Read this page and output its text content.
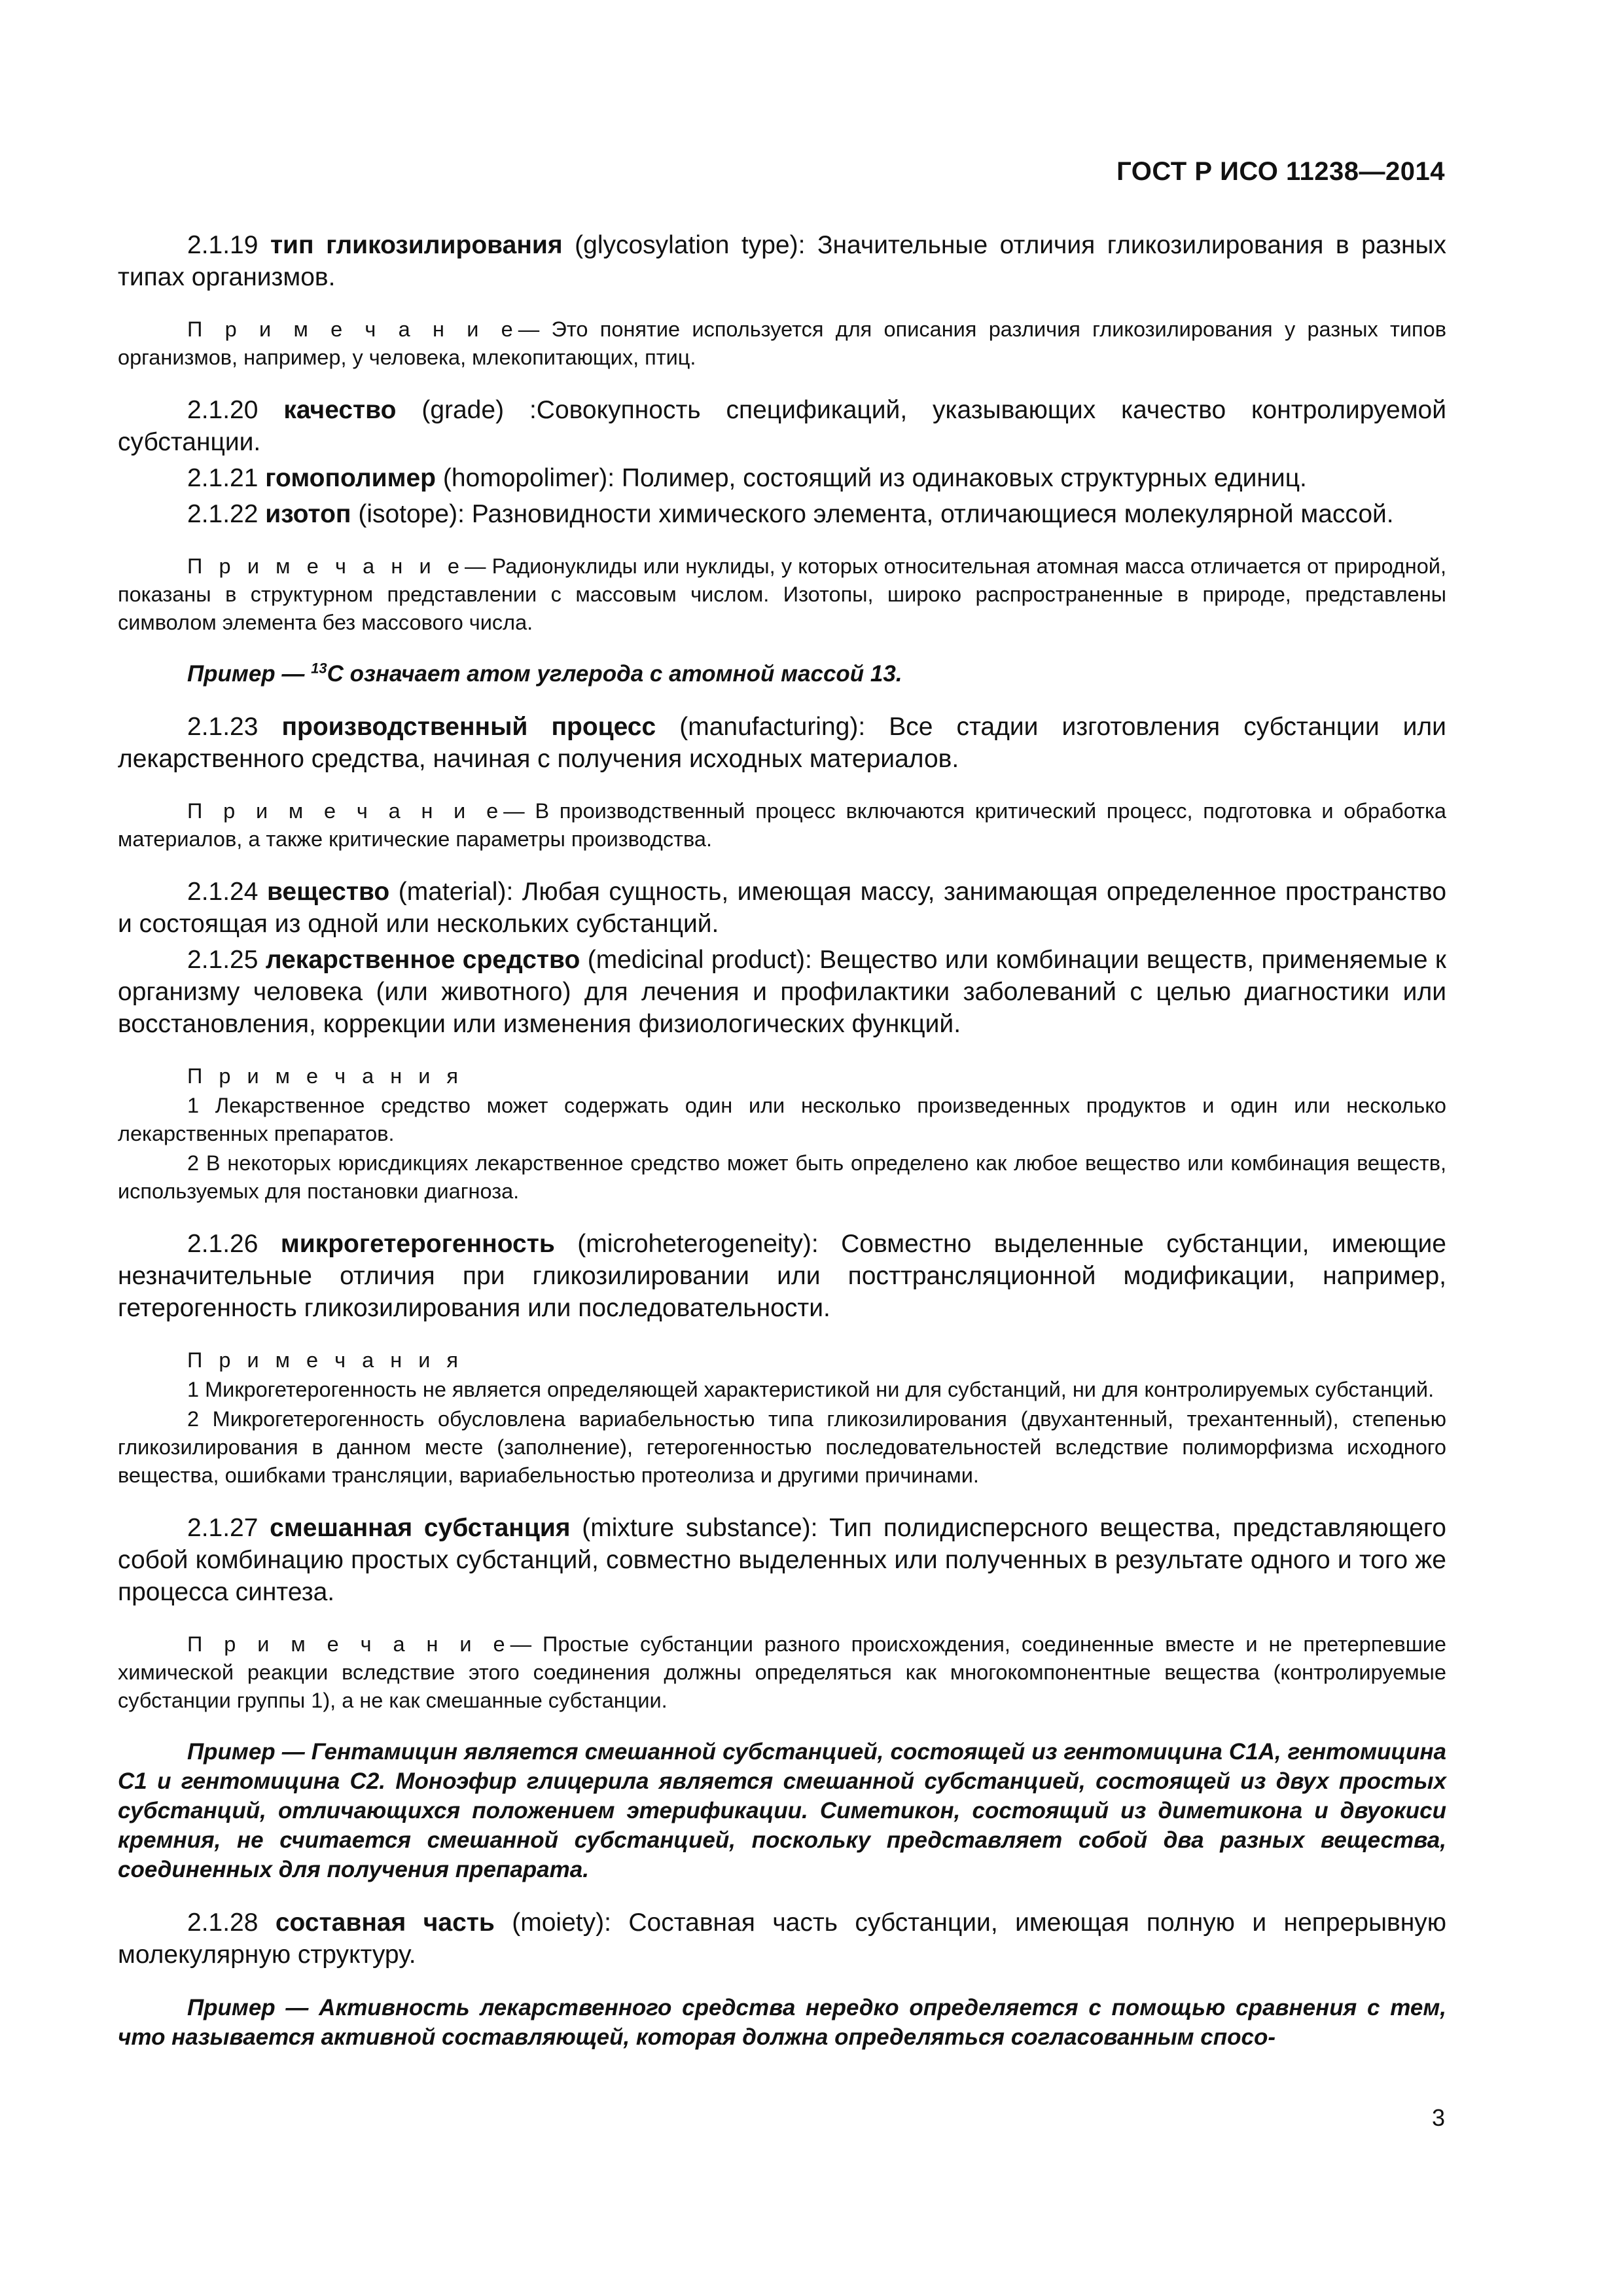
ГОСТ Р ИСО 11238—2014

2.1.19 тип гликозилирования (glycosylation type): Значительные отличия гликозилирования в разных типах организмов.

П р и м е ч а н и е— Это понятие используется для описания различия гликозилирования у разных типов организмов, например, у человека, млекопитающих, птиц.

2.1.20 качество (grade) :Совокупность спецификаций, указывающих качество контролируемой субстанции.

2.1.21 гомополимер (homopolimer): Полимер, состоящий из одинаковых структурных единиц.

2.1.22 изотоп (isotope): Разновидности химического элемента, отличающиеся молекулярной массой.

П р и м е ч а н и е— Радионуклиды или нуклиды, у которых относительная атомная масса отличается от природной, показаны в структурном представлении с массовым числом. Изотопы, широко распространенные в природе, представлены символом элемента без массового числа.

Пример — $^{13}$С означает атом углерода с атомной массой 13.

2.1.23 производственный процесс (manufacturing): Все стадии изготовления субстанции или лекарственного средства, начиная с получения исходных материалов.

П р и м е ч а н и е— В производственный процесс включаются критический процесс, подготовка и обработка материалов, а также критические параметры производства.

2.1.24 вещество (material): Любая сущность, имеющая массу, занимающая определенное пространство и состоящая из одной или нескольких субстанций.

2.1.25 лекарственное средство (medicinal product): Вещество или комбинации веществ, применяемые к организму человека (или животного) для лечения и профилактики заболеваний с целью диагностики или восстановления, коррекции или изменения физиологических функций.

П р и м е ч а н и я

1 Лекарственное средство может содержать один или несколько произведенных продуктов и один или несколько лекарственных препаратов.

2 В некоторых юрисдикциях лекарственное средство может быть определено как любое вещество или комбинация веществ, используемых для постановки диагноза.

2.1.26 микрогетерогенность (microheterogeneity): Совместно выделенные субстанции, имеющие незначительные отличия при гликозилировании или посттрансляционной модификации, например, гетерогенность гликозилирования или последовательности.

П р и м е ч а н и я

1 Микрогетерогенность не является определяющей характеристикой ни для субстанций, ни для контролируемых субстанций.

2 Микрогетерогенность обусловлена вариабельностью типа гликозилирования (двухантенный, трехантенный), степенью гликозилирования в данном месте (заполнение), гетерогенностью последовательностей вследствие полиморфизма исходного вещества, ошибками трансляции, вариабельностью протеолиза и другими причинами.

2.1.27 смешанная субстанция (mixture substance): Тип полидисперсного вещества, представляющего собой комбинацию простых субстанций, совместно выделенных или полученных в результате одного и того же процесса синтеза.

П р и м е ч а н и е— Простые субстанции разного происхождения, соединенные вместе и не претерпевшие химической реакции вследствие этого соединения должны определяться как многокомпонентные вещества (контролируемые субстанции группы 1), а не как смешанные субстанции.

Пример — Гентамицин является смешанной субстанцией, состоящей из гентомицина С1А, гентомицина С1 и гентомицина С2. Моноэфир глицерила является смешанной субстанцией, состоящей из двух простых субстанций, отличающихся положением этерификации. Симетикон, состоящий из диметикона и двуокиси кремния, не считается смешанной субстанцией, поскольку представляет собой два разных вещества, соединенных для получения препарата.

2.1.28 составная часть (moiety): Составная часть субстанции, имеющая полную и непрерывную молекулярную структуру.

Пример — Активность лекарственного средства нередко определяется с помощью сравнения с тем, что называется активной составляющей, которая должна определяться согласованным спосо-

3
